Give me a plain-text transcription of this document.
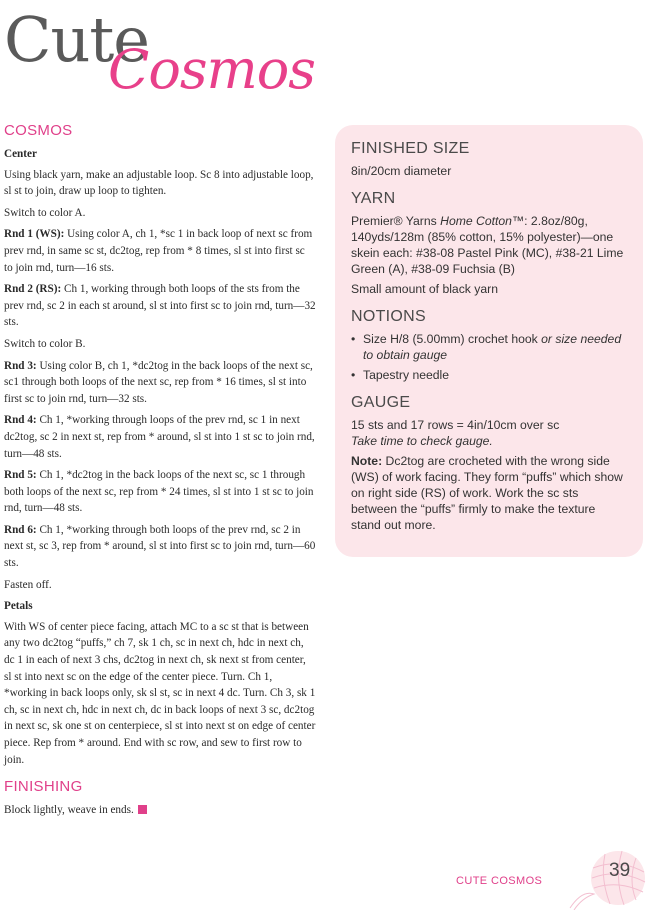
Cute
Cosmos
COSMOS
Center

Using black yarn, make an adjustable loop. Sc 8 into adjustable loop, sl st to join, draw up loop to tighten.

Switch to color A.

Rnd 1 (WS): Using color A, ch 1, *sc 1 in back loop of next sc from prev rnd, in same sc st, dc2tog, rep from * 8 times, sl st into first sc to join rnd, turn—16 sts.

Rnd 2 (RS): Ch 1, working through both loops of the sts from the prev rnd, sc 2 in each st around, sl st into first sc to join rnd, turn—32 sts.

Switch to color B.

Rnd 3: Using color B, ch 1, *dc2tog in the back loops of the next sc, sc1 through both loops of the next sc, rep from * 16 times, sl st into first sc to join rnd, turn—32 sts.

Rnd 4: Ch 1, *working through loops of the prev rnd, sc 1 in next dc2tog, sc 2 in next st, rep from * around, sl st into 1 st sc to join rnd, turn—48 sts.

Rnd 5: Ch 1, *dc2tog in the back loops of the next sc, sc 1 through both loops of the next sc, rep from * 24 times, sl st into 1 st sc to join rnd, turn—48 sts.

Rnd 6: Ch 1, *working through both loops of the prev rnd, sc 2 in next st, sc 3, rep from * around, sl st into first sc to join rnd, turn—60 sts.

Fasten off.

Petals

With WS of center piece facing, attach MC to a sc st that is between any two dc2tog “puffs,” ch 7, sk 1 ch, sc in next ch, hdc in next ch, dc 1 in each of next 3 chs, dc2tog in next ch, sk next st from center, sl st into next sc on the edge of the center piece. Turn. Ch 1, *working in back loops only, sk sl st, sc in next 4 dc. Turn. Ch 3, sk 1 ch, sc in next ch, hdc in next ch, dc in back loops of next 3 sc, dc2tog in next sc, sk one st on centerpiece, sl st into next st on edge of center piece. Rep from * around. End with sc row, and sew to first row to join.

FINISHING

Block lightly, weave in ends.

FINISHED SIZE

8in/20cm diameter

YARN

Premier® Yarns Home Cotton™: 2.8oz/80g, 140yds/128m (85% cotton, 15% polyester)—one skein each: #38-08 Pastel Pink (MC), #38-21 Lime Green (A), #38-09 Fuchsia (B)

Small amount of black yarn

NOTIONS

• Size H/8 (5.00mm) crochet hook or size needed to obtain gauge

• Tapestry needle

GAUGE

15 sts and 17 rows = 4in/10cm over sc

Take time to check gauge.

Note: Dc2tog are crocheted with the wrong side (WS) of work facing. They form “puffs” which show on right side (RS) of work. Work the sc sts between the “puffs” firmly to make the texture stand out more.

CUTE COSMOS	39
